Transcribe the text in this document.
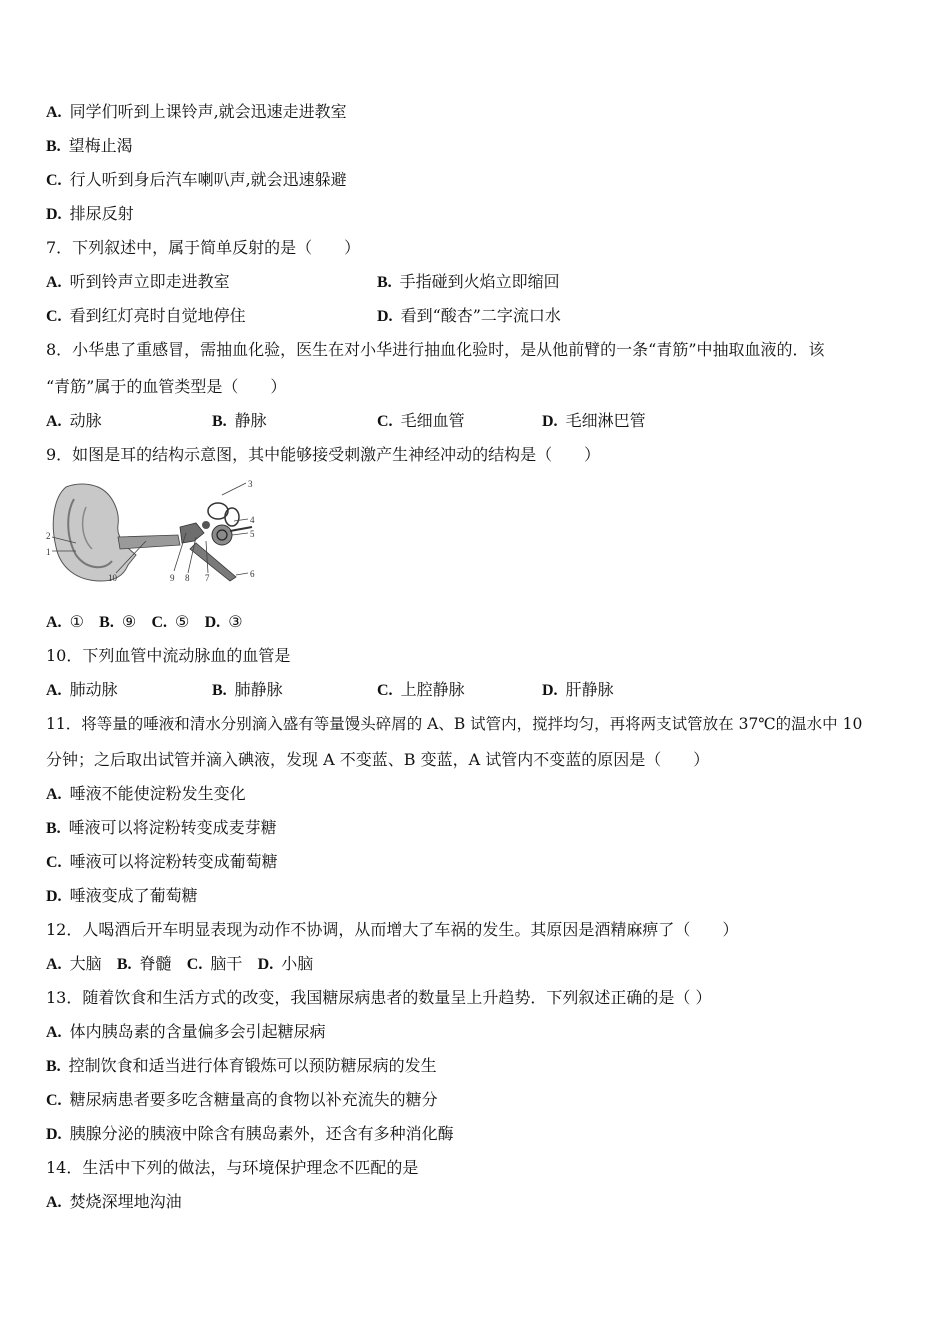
A. 同学们听到上课铃声,就会迅速走进教室
B. 望梅止渴
C. 行人听到身后汽车喇叭声,就会迅速躲避
D. 排尿反射
7．下列叙述中，属于简单反射的是（　　）
A. 听到铃声立即走进教室	B. 手指碰到火焰立即缩回
C. 看到红灯亮时自觉地停住	D. 看到“酸杏”二字流口水
8．小华患了重感冒，需抽血化验，医生在对小华进行抽血化验时，是从他前臂的一条“青筋”中抽取血液的．该
“青筋”属于的血管类型是（　　）
A. 动脉	B. 静脉	C. 毛细血管	D. 毛细淋巴管
9．如图是耳的结构示意图，其中能够接受刺激产生神经冲动的结构是（　　）
3
4
5
2
1
10	9 8 7	6
A. ① B. ⑨ C. ⑤ D. ③
10．下列血管中流动脉血的血管是
A. 肺动脉	B. 肺静脉	C. 上腔静脉	D. 肝静脉
11．将等量的唾液和清水分别滴入盛有等量馒头碎屑的 A、B 试管内，搅拌均匀，再将两支试管放在 37℃的温水中 10
分钟；之后取出试管并滴入碘液，发现 A 不变蓝、B 变蓝，A 试管内不变蓝的原因是（　　）
A. 唾液不能使淀粉发生变化
B. 唾液可以将淀粉转变成麦芽糖
C. 唾液可以将淀粉转变成葡萄糖
D. 唾液变成了葡萄糖
12．人喝酒后开车明显表现为动作不协调，从而增大了车祸的发生。其原因是酒精麻痹了（　　）
A. 大脑 B. 脊髓 C. 脑干 D. 小脑
13．随着饮食和生活方式的改变，我国糖尿病患者的数量呈上升趋势．下列叙述正确的是（ ）
A. 体内胰岛素的含量偏多会引起糖尿病
B. 控制饮食和适当进行体育锻炼可以预防糖尿病的发生
C. 糖尿病患者要多吃含糖量高的食物以补充流失的糖分
D. 胰腺分泌的胰液中除含有胰岛素外，还含有多种消化酶
14．生活中下列的做法，与环境保护理念不匹配的是
A. 焚烧深埋地沟油
